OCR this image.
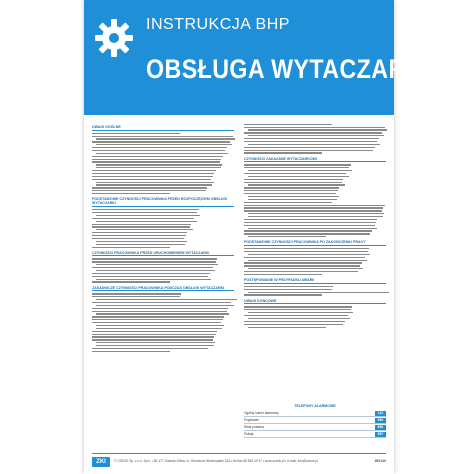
INSTRUKCJA BHP
OBSŁUGA WYTACZARKI
UWAGI OGÓLNE
PODSTAWOWE CZYNNOŚCI PRACOWNIKA PRZED ROZPOCZĘCIEM OBSŁUGI WYTACZARKI
CZYNNOŚCI PRACOWNIKA PRZED URUCHOMIENIEM WYTACZARKI
ZASADNICZE CZYNNOŚCI PRACOWNIKA PODCZAS OBSŁUGI WYTACZARKI
CZYNNOŚCI ZAKAZANE WYTACZARKOWI
PODSTAWOWE CZYNNOŚCI PRACOWNIKA PO ZAKOŃCZENIU PRACY
POSTĘPOWANIE W PRZYPADKU AWARII
UWAGI KOŃCOWE
TELEFONY ALARMOWE
Ogólny numer alarmowy	112
Pogotowie	999
Straż pożarna	998
Policja	997
ZKI	© OZEOK Sp. z o.o. Sp.k. • 80-177 Gdańsk-Oliwa, ul. Obrońców Westerplatte 32A • tel./fax 58 554 49 37 • www.ozeok.pl • e-mail: info@ozeok.pl	INS140
